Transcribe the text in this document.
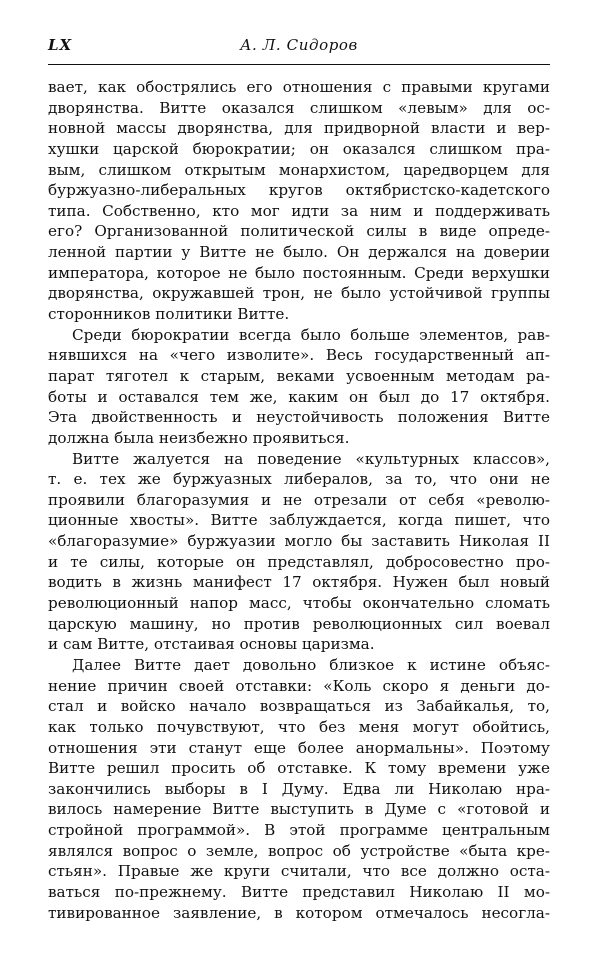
LX	А. Л. Сидоров
вает, как обострялись его отношения с правыми кругами
дворянства. Витте оказался слишком «левым» для ос-
новной массы дворянства, для придворной власти и вер-
хушки царской бюрократии; он оказался слишком пра-
вым, слишком открытым монархистом, царедворцем для
буржуазно-либеральных кругов октябристско-кадетского
типа. Собственно, кто мог идти за ним и поддерживать
его? Организованной политической силы в виде опреде-
ленной партии у Витте не было. Он держался на доверии
императора, которое не было постоянным. Среди верхушки
дворянства, окружавшей трон, не было устойчивой группы
сторонников политики Витте.
Среди бюрократии всегда было больше элементов, рав-
нявшихся на «чего изволите». Весь государственный ап-
парат тяготел к старым, веками усвоенным методам ра-
боты и оставался тем же, каким он был до 17 октября.
Эта двойственность и неустойчивость положения Витте
должна была неизбежно проявиться.
Витте жалуется на поведение «культурных классов»,
т. е. тех же буржуазных либералов, за то, что они не
проявили благоразумия и не отрезали от себя «револю-
ционные хвосты». Витте заблуждается, когда пишет, что
«благоразумие» буржуазии могло бы заставить Николая II
и те силы, которые он представлял, добросовестно про-
водить в жизнь манифест 17 октября. Нужен был новый
революционный напор масс, чтобы окончательно сломать
царскую машину, но против революционных сил воевал
и сам Витте, отстаивая основы царизма.
Далее Витте дает довольно близкое к истине объяс-
нение причин своей отставки: «Коль скоро я деньги до-
стал и войско начало возвращаться из Забайкалья, то,
как только почувствуют, что без меня могут обойтись,
отношения эти станут еще более анормальны». Поэтому
Витте решил просить об отставке. К тому времени уже
закончились выборы в I Думу. Едва ли Николаю нра-
вилось намерение Витте выступить в Думе с «готовой и
стройной программой». В этой программе центральным
являлся вопрос о земле, вопрос об устройстве «быта кре-
стьян». Правые же круги считали, что все должно оста-
ваться по-прежнему. Витте представил Николаю II мо-
тивированное заявление, в котором отмечалось несогла-
